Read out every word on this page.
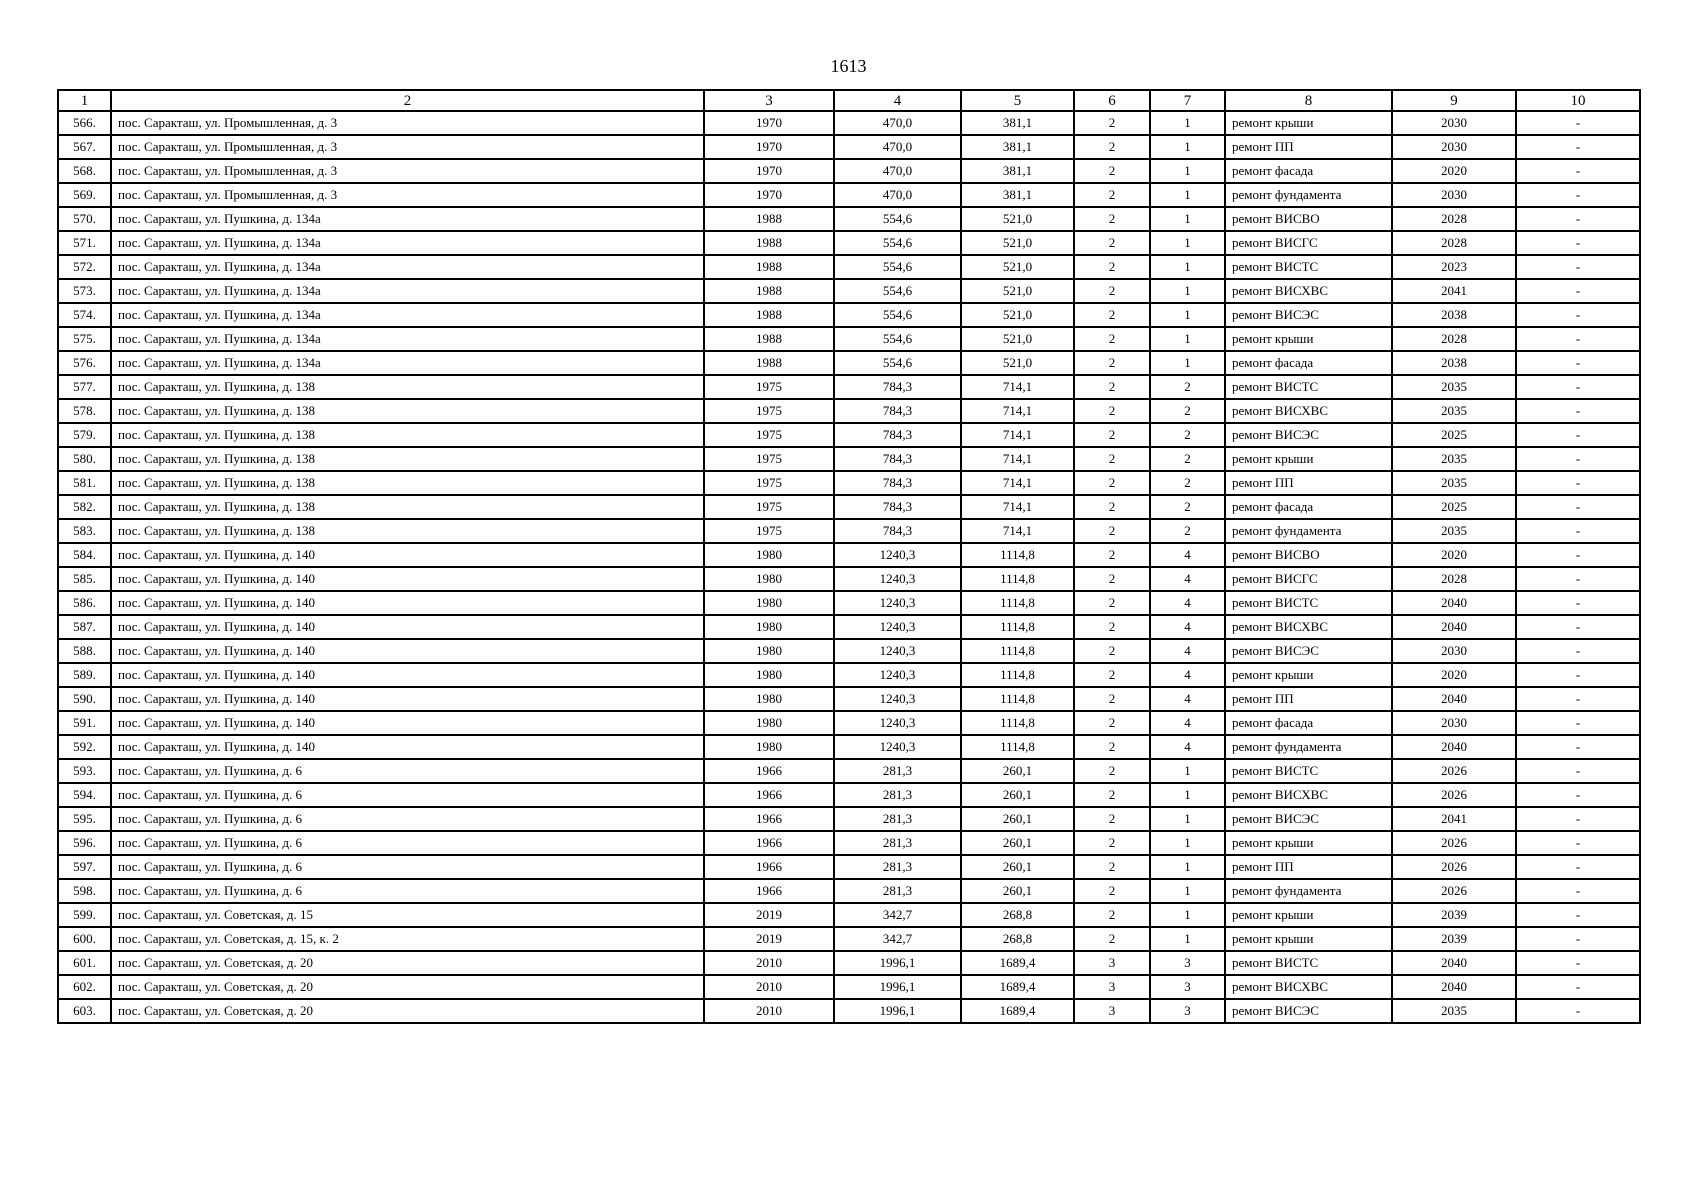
1613
1	2	3	4	5	6	7	8	9	10
566.	пос. Саракташ, ул. Промышленная, д. 3	1970	470,0	381,1	2	1	ремонт крыши	2030	-
567.	пос. Саракташ, ул. Промышленная, д. 3	1970	470,0	381,1	2	1	ремонт ПП	2030	-
568.	пос. Саракташ, ул. Промышленная, д. 3	1970	470,0	381,1	2	1	ремонт фасада	2020	-
569.	пос. Саракташ, ул. Промышленная, д. 3	1970	470,0	381,1	2	1	ремонт фундамента	2030	-
570.	пос. Саракташ, ул. Пушкина, д. 134а	1988	554,6	521,0	2	1	ремонт ВИСВО	2028	-
571.	пос. Саракташ, ул. Пушкина, д. 134а	1988	554,6	521,0	2	1	ремонт ВИСГС	2028	-
572.	пос. Саракташ, ул. Пушкина, д. 134а	1988	554,6	521,0	2	1	ремонт ВИСТС	2023	-
573.	пос. Саракташ, ул. Пушкина, д. 134а	1988	554,6	521,0	2	1	ремонт ВИСХВС	2041	-
574.	пос. Саракташ, ул. Пушкина, д. 134а	1988	554,6	521,0	2	1	ремонт ВИСЭС	2038	-
575.	пос. Саракташ, ул. Пушкина, д. 134а	1988	554,6	521,0	2	1	ремонт крыши	2028	-
576.	пос. Саракташ, ул. Пушкина, д. 134а	1988	554,6	521,0	2	1	ремонт фасада	2038	-
577.	пос. Саракташ, ул. Пушкина, д. 138	1975	784,3	714,1	2	2	ремонт ВИСТС	2035	-
578.	пос. Саракташ, ул. Пушкина, д. 138	1975	784,3	714,1	2	2	ремонт ВИСХВС	2035	-
579.	пос. Саракташ, ул. Пушкина, д. 138	1975	784,3	714,1	2	2	ремонт ВИСЭС	2025	-
580.	пос. Саракташ, ул. Пушкина, д. 138	1975	784,3	714,1	2	2	ремонт крыши	2035	-
581.	пос. Саракташ, ул. Пушкина, д. 138	1975	784,3	714,1	2	2	ремонт ПП	2035	-
582.	пос. Саракташ, ул. Пушкина, д. 138	1975	784,3	714,1	2	2	ремонт фасада	2025	-
583.	пос. Саракташ, ул. Пушкина, д. 138	1975	784,3	714,1	2	2	ремонт фундамента	2035	-
584.	пос. Саракташ, ул. Пушкина, д. 140	1980	1240,3	1114,8	2	4	ремонт ВИСВО	2020	-
585.	пос. Саракташ, ул. Пушкина, д. 140	1980	1240,3	1114,8	2	4	ремонт ВИСГС	2028	-
586.	пос. Саракташ, ул. Пушкина, д. 140	1980	1240,3	1114,8	2	4	ремонт ВИСТС	2040	-
587.	пос. Саракташ, ул. Пушкина, д. 140	1980	1240,3	1114,8	2	4	ремонт ВИСХВС	2040	-
588.	пос. Саракташ, ул. Пушкина, д. 140	1980	1240,3	1114,8	2	4	ремонт ВИСЭС	2030	-
589.	пос. Саракташ, ул. Пушкина, д. 140	1980	1240,3	1114,8	2	4	ремонт крыши	2020	-
590.	пос. Саракташ, ул. Пушкина, д. 140	1980	1240,3	1114,8	2	4	ремонт ПП	2040	-
591.	пос. Саракташ, ул. Пушкина, д. 140	1980	1240,3	1114,8	2	4	ремонт фасада	2030	-
592.	пос. Саракташ, ул. Пушкина, д. 140	1980	1240,3	1114,8	2	4	ремонт фундамента	2040	-
593.	пос. Саракташ, ул. Пушкина, д. 6	1966	281,3	260,1	2	1	ремонт ВИСТС	2026	-
594.	пос. Саракташ, ул. Пушкина, д. 6	1966	281,3	260,1	2	1	ремонт ВИСХВС	2026	-
595.	пос. Саракташ, ул. Пушкина, д. 6	1966	281,3	260,1	2	1	ремонт ВИСЭС	2041	-
596.	пос. Саракташ, ул. Пушкина, д. 6	1966	281,3	260,1	2	1	ремонт крыши	2026	-
597.	пос. Саракташ, ул. Пушкина, д. 6	1966	281,3	260,1	2	1	ремонт ПП	2026	-
598.	пос. Саракташ, ул. Пушкина, д. 6	1966	281,3	260,1	2	1	ремонт фундамента	2026	-
599.	пос. Саракташ, ул. Советская, д. 15	2019	342,7	268,8	2	1	ремонт крыши	2039	-
600.	пос. Саракташ, ул. Советская, д. 15, к. 2	2019	342,7	268,8	2	1	ремонт крыши	2039	-
601.	пос. Саракташ, ул. Советская, д. 20	2010	1996,1	1689,4	3	3	ремонт ВИСТС	2040	-
602.	пос. Саракташ, ул. Советская, д. 20	2010	1996,1	1689,4	3	3	ремонт ВИСХВС	2040	-
603.	пос. Саракташ, ул. Советская, д. 20	2010	1996,1	1689,4	3	3	ремонт ВИСЭС	2035	-
